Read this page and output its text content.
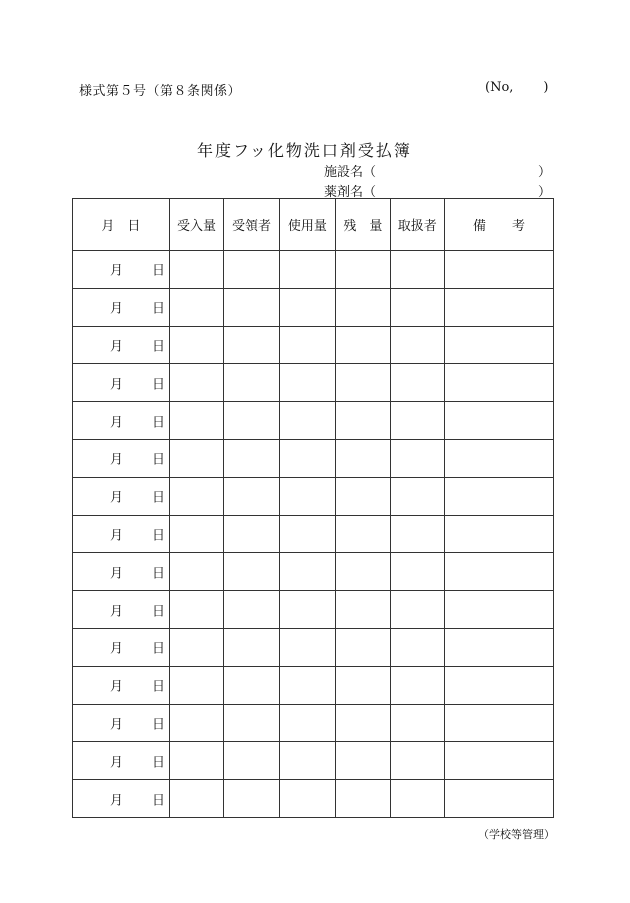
様式第５号（第８条関係）	(No, )
年度フッ化物洗口剤受払簿
施設名（	）
薬剤名（	）
月　日	受入量	受領者	使用量	残　量	取扱者	備　　考

月 日						

月 日						

月 日						

月 日						

月 日						

月 日						

月 日						

月 日						

月 日						

月 日						

月 日						

月 日						

月 日						

月 日						

月 日						

（学校等管理）
